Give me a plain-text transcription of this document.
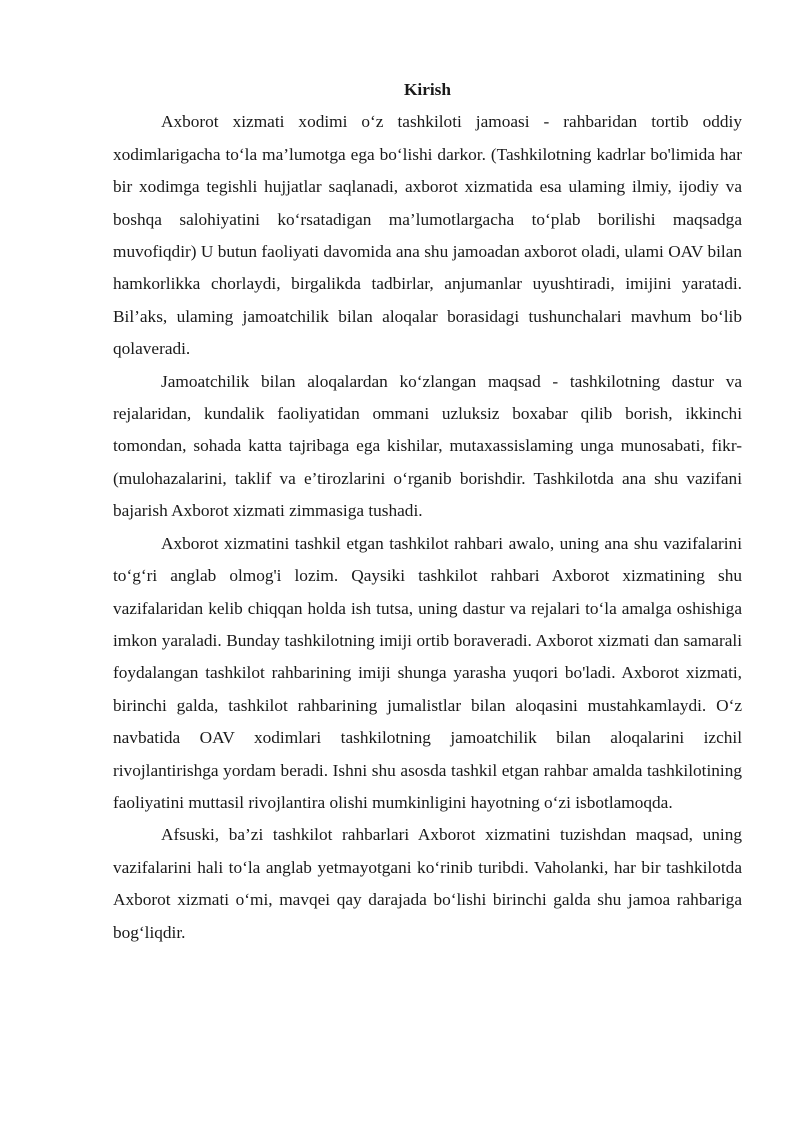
Kirish

Axborot xizmati xodimi o‘z tashkiloti jamoasi - rahbaridan tortib oddiy xodimlarigacha to‘la ma’lumotga ega bo‘lishi darkor. (Tashkilotning kadrlar bo'limida har bir xodimga tegishli hujjatlar saqlanadi, axborot xizmatida esa ulaming ilmiy, ijodiy va boshqa salohiyatini ko‘rsatadigan ma’lumotlargacha to‘plab borilishi maqsadga muvofiqdir) U butun faoliyati davomida ana shu jamoadan axborot oladi, ulami OAV bilan hamkorlikka chorlaydi, birgalikda tadbirlar, anjumanlar uyushtiradi, imijini yaratadi. Bil’aks, ulaming jamoatchilik bilan aloqalar borasidagi tushunchalari mavhum bo‘lib qolaveradi.

Jamoatchilik bilan aloqalardan ko‘zlangan maqsad - tashkilotning dastur va rejalaridan, kundalik faoliyatidan ommani uzluksiz boxabar qilib borish, ikkinchi tomondan, sohada katta tajribaga ega kishilar, mutaxassislaming unga munosabati, fikr- (mulohazalarini, taklif va e’tirozlarini o‘rganib borishdir. Tashkilotda ana shu vazifani bajarish Axborot xizmati zimmasiga tushadi.

Axborot xizmatini tashkil etgan tashkilot rahbari awalo, uning ana shu vazifalarini to‘g‘ri anglab olmog'i lozim. Qaysiki tashkilot rahbari Axborot xizmatining shu vazifalaridan kelib chiqqan holda ish tutsa, uning dastur va rejalari to‘la amalga oshishiga imkon yaraladi. Bunday tashkilotning imiji ortib boraveradi. Axborot xizmati dan samarali foydalangan tashkilot rahbarining imiji shunga yarasha yuqori bo'ladi. Axborot xizmati, birinchi galda, tashkilot rahbarining jumalistlar bilan aloqasini mustahkamlaydi. O‘z navbatida OAV xodimlari tashkilotning jamoatchilik bilan aloqalarini izchil rivojlantirishga yordam beradi. Ishni shu asosda tashkil etgan rahbar amalda tashkilotining faoliyatini muttasil rivojlantira olishi mumkinligini hayotning o‘zi isbotlamoqda.

Afsuski, ba’zi tashkilot rahbarlari Axborot xizmatini tuzishdan maqsad, uning vazifalarini hali to‘la anglab yetmayotgani ko‘rinib turibdi. Vaholanki, har bir tashkilotda Axborot xizmati o‘mi, mavqei qay darajada bo‘lishi birinchi galda shu jamoa rahbariga bog‘liqdir.
